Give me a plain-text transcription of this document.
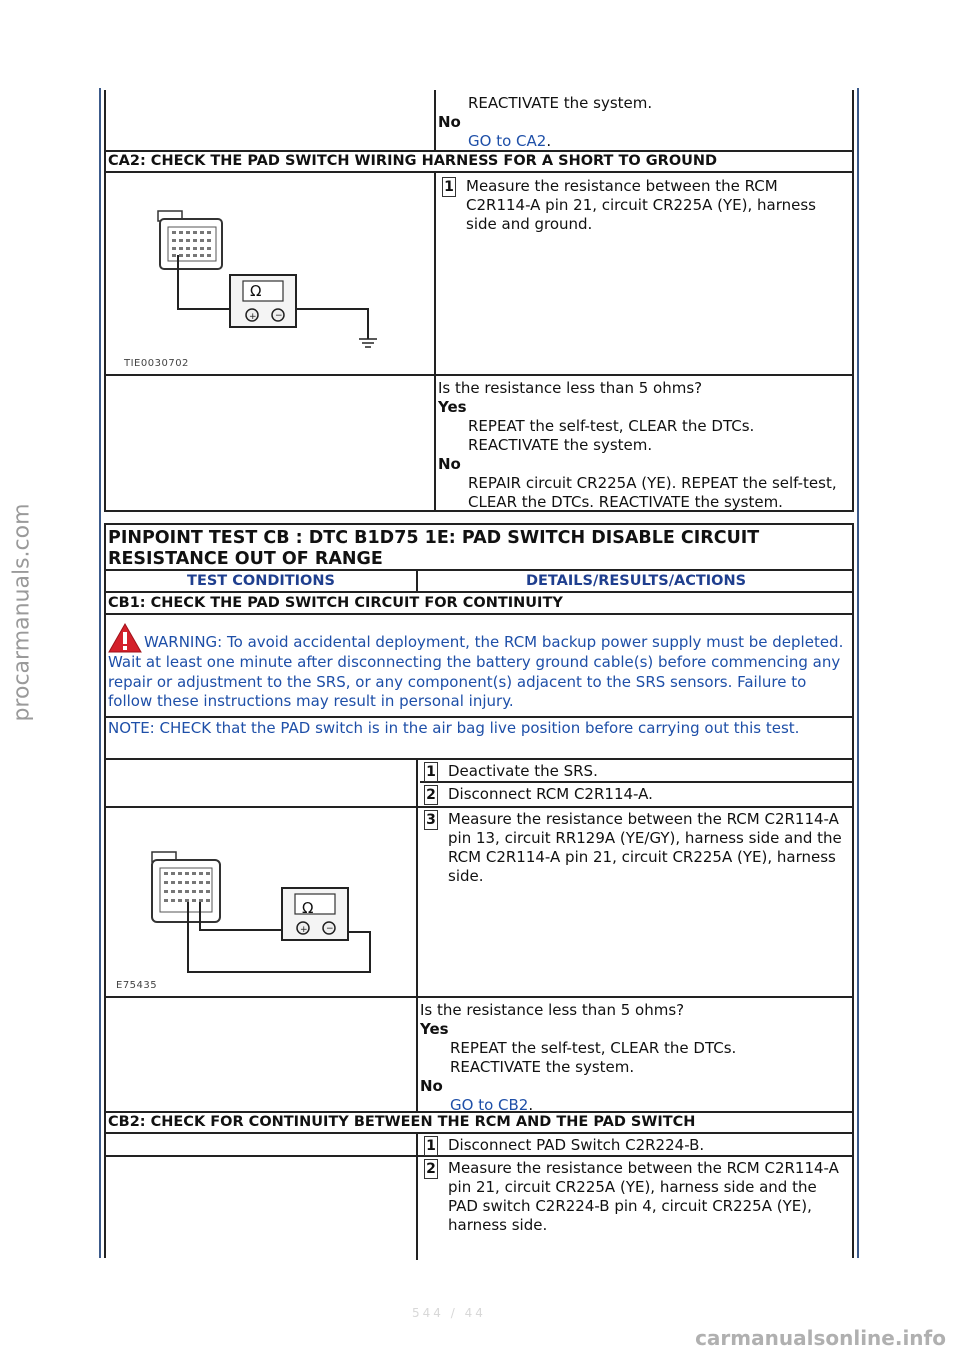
procarmanuals.com
carmanualsonline.info
544 / 44

REACTIVATE the system.

No

GO to CA2.

CA2: CHECK THE PAD SWITCH WIRING HARNESS FOR A SHORT TO GROUND

+ −
Ω
TIE0030702
1 Measure the resistance between the RCM C2R114-A pin 21, circuit CR225A (YE), harness side and ground.

Is the resistance less than 5 ohms?

Yes

REPEAT the self-test, CLEAR the DTCs.

REACTIVATE the system.

No

REPAIR circuit CR225A (YE). REPEAT the self-test, CLEAR the DTCs. REACTIVATE the system.

PINPOINT TEST CB : DTC B1D75 1E: PAD SWITCH DISABLE CIRCUIT RESISTANCE OUT OF RANGE

TEST CONDITIONS	DETAILS/RESULTS/ACTIONS

CB1: CHECK THE PAD SWITCH CIRCUIT FOR CONTINUITY

WARNING: To avoid accidental deployment, the RCM backup power supply must be depleted. Wait at least one minute after disconnecting the battery ground cable(s) before commencing any repair or adjustment to the SRS, or any component(s) adjacent to the SRS sensors. Failure to follow these instructions may result in personal injury.

NOTE: CHECK that the PAD switch is in the air bag live position before carrying out this test.

1 Deactivate the SRS.
2 Disconnect RCM C2R114-A.
+ −
Ω
E75435
3 Measure the resistance between the RCM C2R114-A pin 13, circuit RR129A (YE/GY), harness side and the RCM C2R114-A pin 21, circuit CR225A (YE), harness side.

Is the resistance less than 5 ohms?

Yes

REPEAT the self-test, CLEAR the DTCs.

REACTIVATE the system.

No

GO to CB2.

CB2: CHECK FOR CONTINUITY BETWEEN THE RCM AND THE PAD SWITCH

1 Disconnect PAD Switch C2R224-B.
2 Measure the resistance between the RCM C2R114-A pin 21, circuit CR225A (YE), harness side and the PAD switch C2R224-B pin 4, circuit CR225A (YE), harness side.
